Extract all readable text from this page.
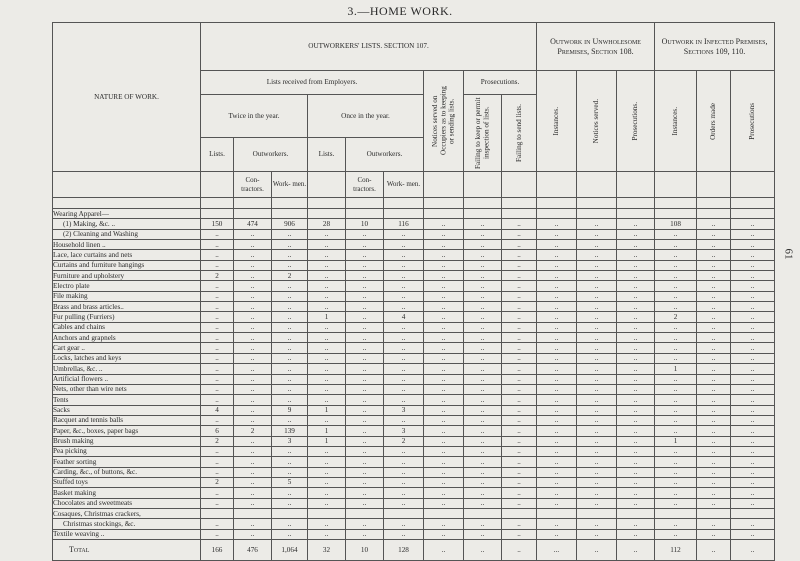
3.—HOME WORK.
61
NATURE OF WORK.	OUTWORKERS' LISTS. SECTION 107.									Outwork in Unwholesome Premises, Section 108.			Outwork in Infected Premises, Sections 109, 110.		
	Lists received from Employers.						Notices served on Occupiers as to keeping or sending lists.	Prosecutions.		Instances.	Notices served.	Prosecutions.	Instances.	Orders made	Prosecutions

	Twice in the year.			Once in the year.				Failing to keep or permit inspection of lists.	Failing to send lists.						

	Lists.	Outworkers.		Lists.	Outworkers.										
		Con- tractors.	Work- men.		Con- tractors.	Work- men.									

Wearing Apparel—															
(1) Making, &c. ..	150	474	906	28	10	116	..	..	..	..	..	..	108	..	..
(2) Cleaning and Washing	..	..	..	..	..	..	..	..	..	..	..	..	..	..	..
Household linen ..	..	..	..	..	..	..	..	..	..	..	..	..	..	..	..
Lace, lace curtains and nets	..	..	..	..	..	..	..	..	..	..	..	..	..	..	..
Curtains and furniture hangings	..	..	..	..	..	..	..	..	..	..	..	..	..	..	..
Furniture and upholstery	2	..	2	..	..	..	..	..	..	..	..	..	..	..	..
Electro plate	..	..	..	..	..	..	..	..	..	..	..	..	..	..	..
File making	..	..	..	..	..	..	..	..	..	..	..	..	..	..	..
Brass and brass articles..	..	..	..	..	..	..	..	..	..	..	..	..	..	..	..
Fur pulling (Furriers)	..	..	..	1	..	4	..	..	..	..	..	..	2	..	..
Cables and chains	..	..	..	..	..	..	..	..	..	..	..	..	..	..	..
Anchors and grapnels	..	..	..	..	..	..	..	..	..	..	..	..	..	..	..
Cart gear ..	..	..	..	..	..	..	..	..	..	..	..	..	..	..	..
Locks, latches and keys	..	..	..	..	..	..	..	..	..	..	..	..	..	..	..
Umbrellas, &c. ..	..	..	..	..	..	..	..	..	..	..	..	..	1	..	..
Artificial flowers ..	..	..	..	..	..	..	..	..	..	..	..	..	..	..	..
Nets, other than wire nets	..	..	..	..	..	..	..	..	..	..	..	..	..	..	..
Tents	..	..	..	..	..	..	..	..	..	..	..	..	..	..	..
Sacks	4	..	9	1	..	3	..	..	..	..	..	..	..	..	..
Racquet and tennis balls	..	..	..	..	..	..	..	..	..	..	..	..	..	..	..
Paper, &c., boxes, paper bags	6	2	139	1	..	3	..	..	..	..	..	..	..	..	..
Brush making	2	..	3	1	..	2	..	..	..	..	..	..	1	..	..
Pea picking	..	..	..	..	..	..	..	..	..	..	..	..	..	..	..
Feather sorting	..	..	..	..	..	..	..	..	..	..	..	..	..	..	..
Carding, &c., of buttons, &c.	..	..	..	..	..	..	..	..	..	..	..	..	..	..	..
Stuffed toys	2	..	5	..	..	..	..	..	..	..	..	..	..	..	..
Basket making	..	..	..	..	..	..	..	..	..	..	..	..	..	..	..
Chocolates and sweetmeats	..	..	..	..	..	..	..	..	..	..	..	..	..	..	..
Cosaques, Christmas crackers,															
Christmas stockings, &c.	..	..	..	..	..	..	..	..	..	..	..	..	..	..	..
Textile weaving ..	..	..	..	..	..	..	..	..	..	..	..	..	..	..	..
Total	166	476	1,064	32	10	128	..	..	..	...	..	..	112	..	..
